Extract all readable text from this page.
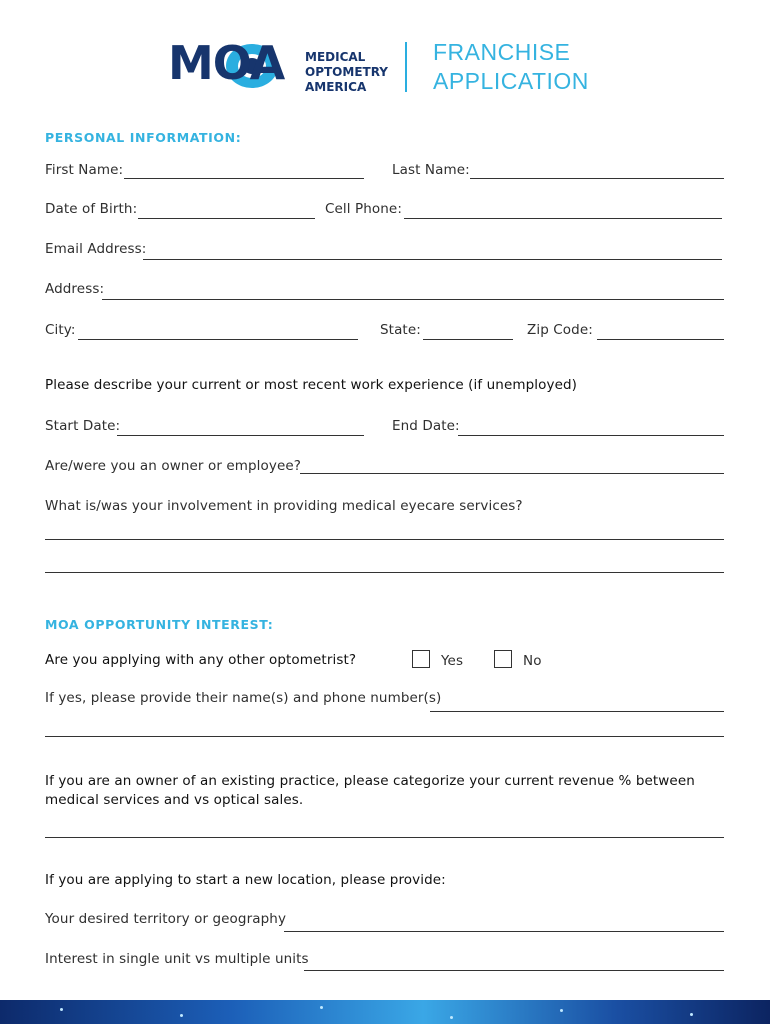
MOA MEDICAL
OPTOMETRY
AMERICA
FRANCHISE
APPLICATION
PERSONAL INFORMATION:
First Name:	Last Name:
Date of Birth:	Cell Phone:
Email Address:
Address:
City:	State:	Zip Code:
Please describe your current or most recent work experience (if unemployed)
Start Date:	End Date:
Are/were you an owner or employee?
What is/was your involvement in providing medical eyecare services?
MOA OPPORTUNITY INTEREST:
Are you applying with any other optometrist?	Yes	No
If yes, please provide their name(s) and phone number(s)
If you are an owner of an existing practice, please categorize your current revenue % between medical services and vs optical sales.
If you are applying to start a new location, please provide:
Your desired territory or geography
Interest in single unit vs multiple units
